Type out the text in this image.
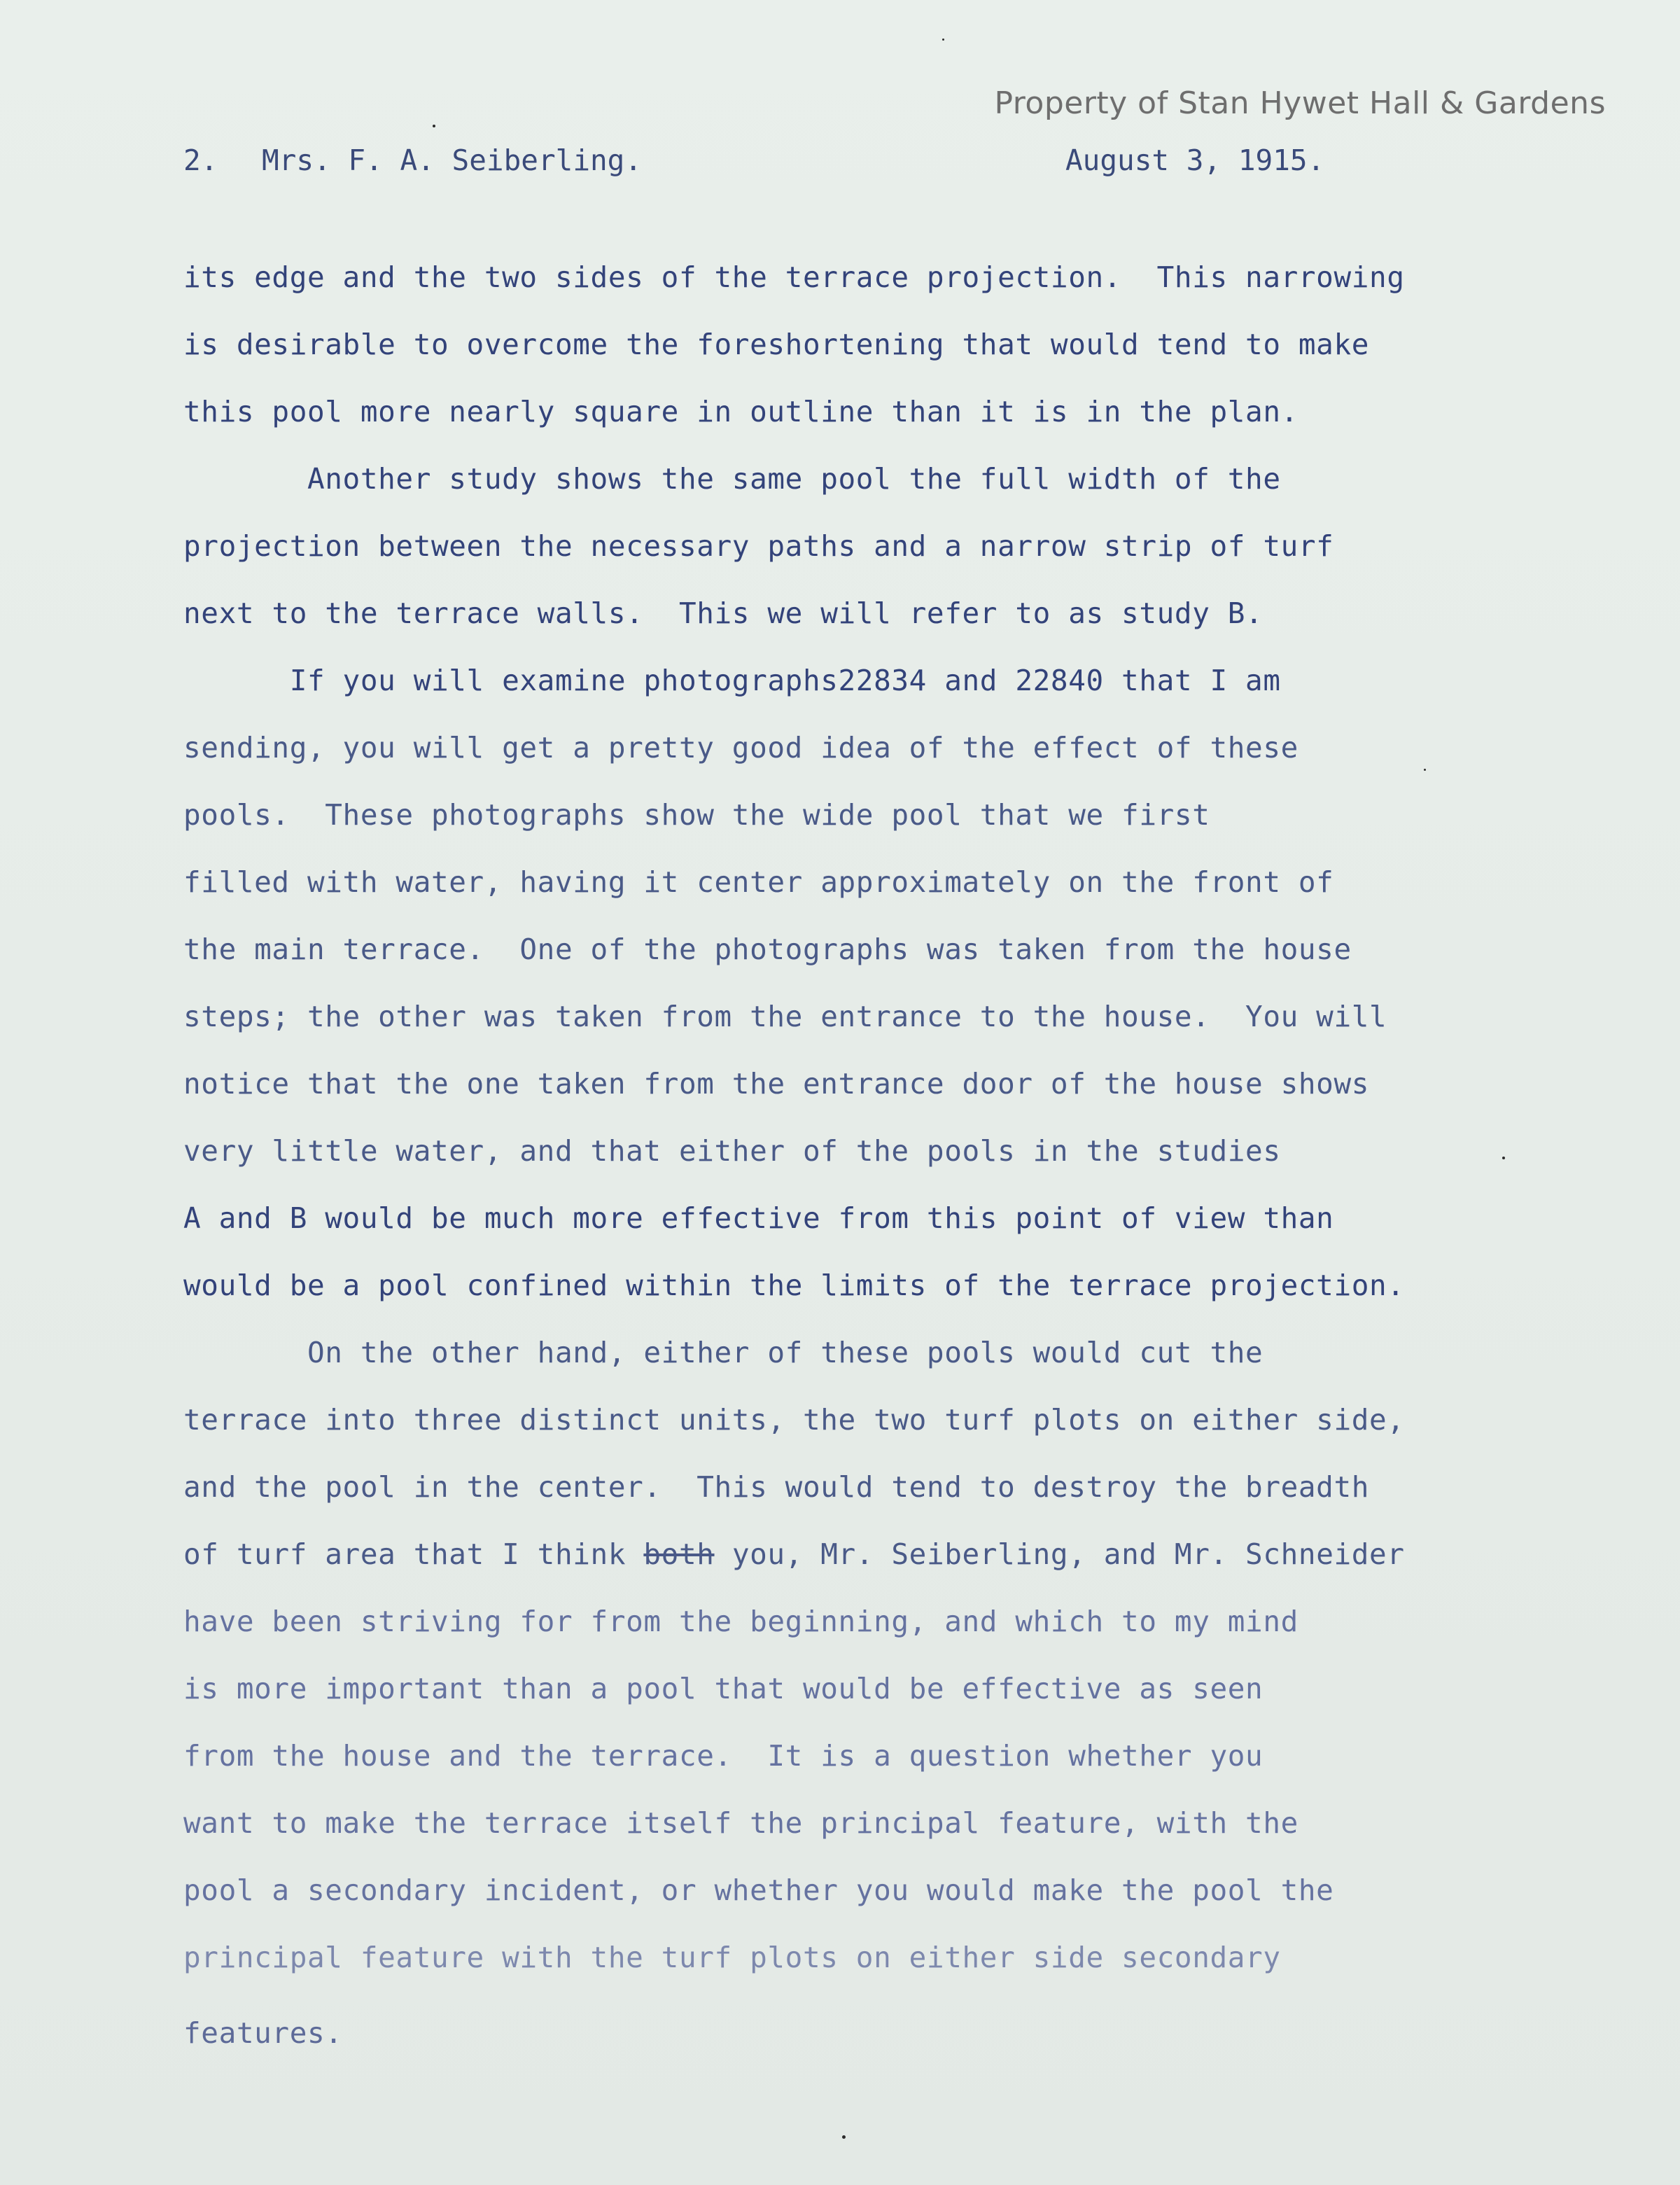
Property of Stan Hywet Hall & Gardens
2. Mrs. F. A. Seiberling.	August 3, 1915.
its edge and the two sides of the terrace projection.  This narrowing
is desirable to overcome the foreshortening that would tend to make
this pool more nearly square in outline than it is in the plan.
Another study shows the same pool the full width of the
projection between the necessary paths and a narrow strip of turf
next to the terrace walls.  This we will refer to as study B.
If you will examine photographs22834 and 22840 that I am
sending, you will get a pretty good idea of the effect of these
pools.  These photographs show the wide pool that we first
filled with water, having it center approximately on the front of
the main terrace.  One of the photographs was taken from the house
steps; the other was taken from the entrance to the house.  You will
notice that the one taken from the entrance door of the house shows
very little water, and that either of the pools in the studies
A and B would be much more effective from this point of view than
would be a pool confined within the limits of the terrace projection.
On the other hand, either of these pools would cut the
terrace into three distinct units, the two turf plots on either side,
and the pool in the center.  This would tend to destroy the breadth
of turf area that I think both you, Mr. Seiberling, and Mr. Schneider
have been striving for from the beginning, and which to my mind
is more important than a pool that would be effective as seen
from the house and the terrace.  It is a question whether you
want to make the terrace itself the principal feature, with the
pool a secondary incident, or whether you would make the pool the
principal feature with the turf plots on either side secondary
features.
